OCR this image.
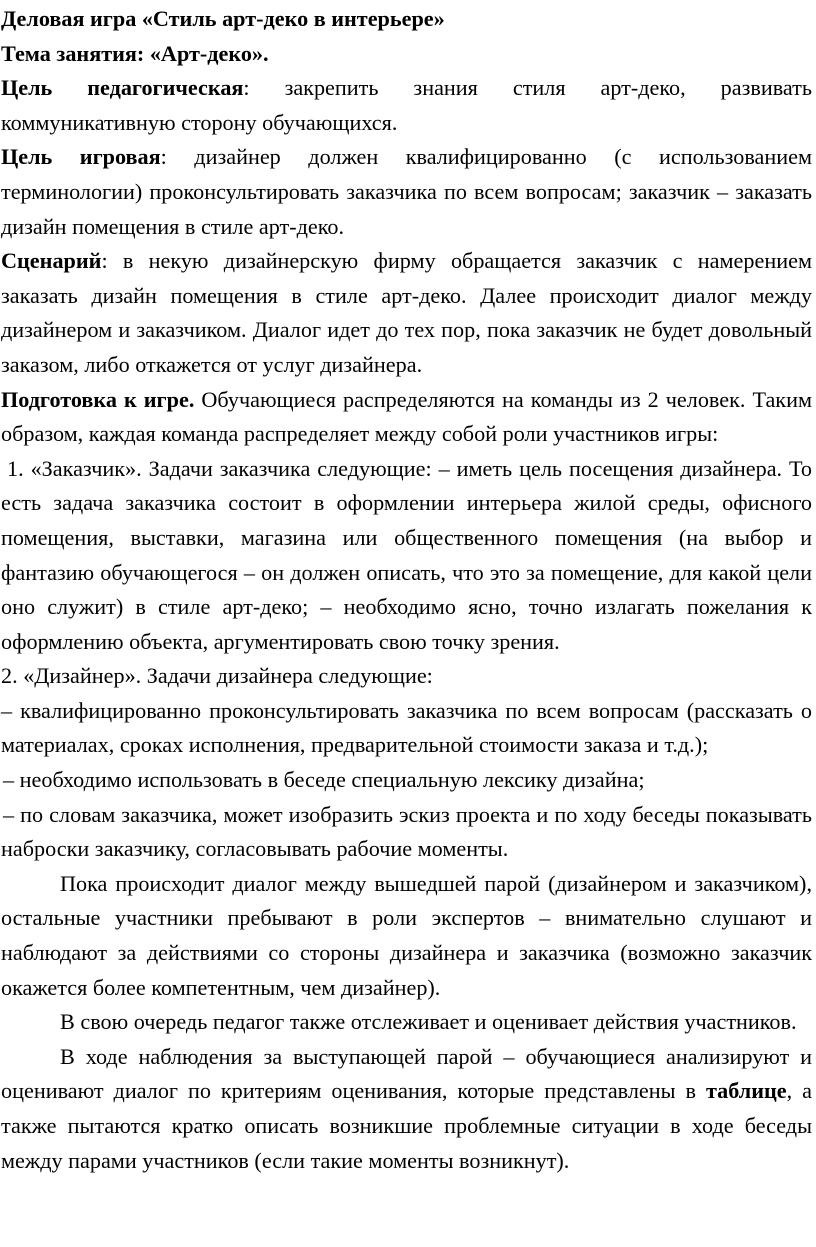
Деловая игра «Стиль арт-деко в интерьере»

Тема занятия: «Арт-деко».

Цель педагогическая: закрепить знания стиля арт-деко, развивать коммуникативную сторону обучающихся.

Цель игровая: дизайнер должен квалифицированно (с использованием терминологии) проконсультировать заказчика по всем вопросам; заказчик – заказать дизайн помещения в стиле арт-деко.

Сценарий: в некую дизайнерскую фирму обращается заказчик с намерением заказать дизайн помещения в стиле арт-деко. Далее происходит диалог между дизайнером и заказчиком. Диалог идет до тех пор, пока заказчик не будет довольный заказом, либо откажется от услуг дизайнера.

Подготовка к игре. Обучающиеся распределяются на команды из 2 человек. Таким образом, каждая команда распределяет между собой роли участников игры:

1. «Заказчик». Задачи заказчика следующие: – иметь цель посещения дизайнера. То есть задача заказчика состоит в оформлении интерьера жилой среды, офисного помещения, выставки, магазина или общественного помещения (на выбор и фантазию обучающегося – он должен описать, что это за помещение, для какой цели оно служит) в стиле арт-деко; – необходимо ясно, точно излагать пожелания к оформлению объекта, аргументировать свою точку зрения.

2. «Дизайнер». Задачи дизайнера следующие:

– квалифицированно проконсультировать заказчика по всем вопросам (рассказать о материалах, сроках исполнения, предварительной стоимости заказа и т.д.);

– необходимо использовать в беседе специальную лексику дизайна;

– по словам заказчика, может изобразить эскиз проекта и по ходу беседы показывать наброски заказчику, согласовывать рабочие моменты.

Пока происходит диалог между вышедшей парой (дизайнером и заказчиком), остальные участники пребывают в роли экспертов – внимательно слушают и наблюдают за действиями со стороны дизайнера и заказчика (возможно заказчик окажется более компетентным, чем дизайнер).

В свою очередь педагог также отслеживает и оценивает действия участников.

В ходе наблюдения за выступающей парой – обучающиеся анализируют и оценивают диалог по критериям оценивания, которые представлены в таблице, а также пытаются кратко описать возникшие проблемные ситуации в ходе беседы между парами участников (если такие моменты возникнут).
